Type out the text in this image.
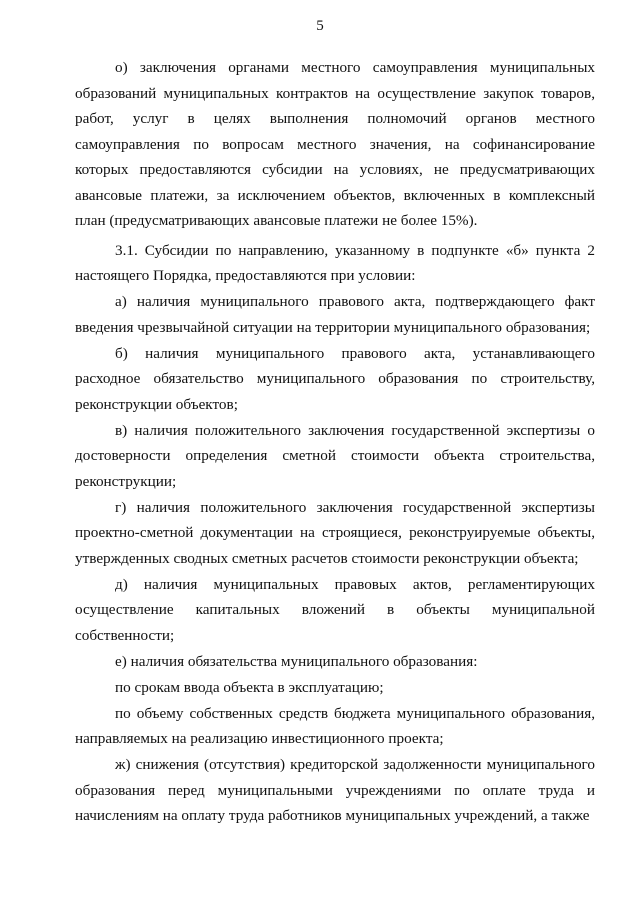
5

о) заключения органами местного самоуправления муниципальных образований муниципальных контрактов на осуществление закупок товаров, работ, услуг в целях выполнения полномочий органов местного самоуправления по вопросам местного значения, на софинансирование которых предоставляются субсидии на условиях, не предусматривающих авансовые платежи, за исключением объектов, включенных в комплексный план (предусматривающих авансовые платежи не более 15%).

3.1. Субсидии по направлению, указанному в подпункте «б» пункта 2 настоящего Порядка, предоставляются при условии:

а) наличия муниципального правового акта, подтверждающего факт введения чрезвычайной ситуации на территории муниципального образования;

б) наличия муниципального правового акта, устанавливающего расходное обязательство муниципального образования по строительству, реконструкции объектов;

в) наличия положительного заключения государственной экспертизы о достоверности определения сметной стоимости объекта строительства, реконструкции;

г) наличия положительного заключения государственной экспертизы проектно-сметной документации на строящиеся, реконструируемые объекты, утвержденных сводных сметных расчетов стоимости реконструкции объекта;

д) наличия муниципальных правовых актов, регламентирующих осуществление капитальных вложений в объекты муниципальной собственности;

е) наличия обязательства муниципального образования:

по срокам ввода объекта в эксплуатацию;

по объему собственных средств бюджета муниципального образования, направляемых на реализацию инвестиционного проекта;

ж) снижения (отсутствия) кредиторской задолженности муниципального образования перед муниципальными учреждениями по оплате труда и начислениям на оплату труда работников муниципальных учреждений, а также
